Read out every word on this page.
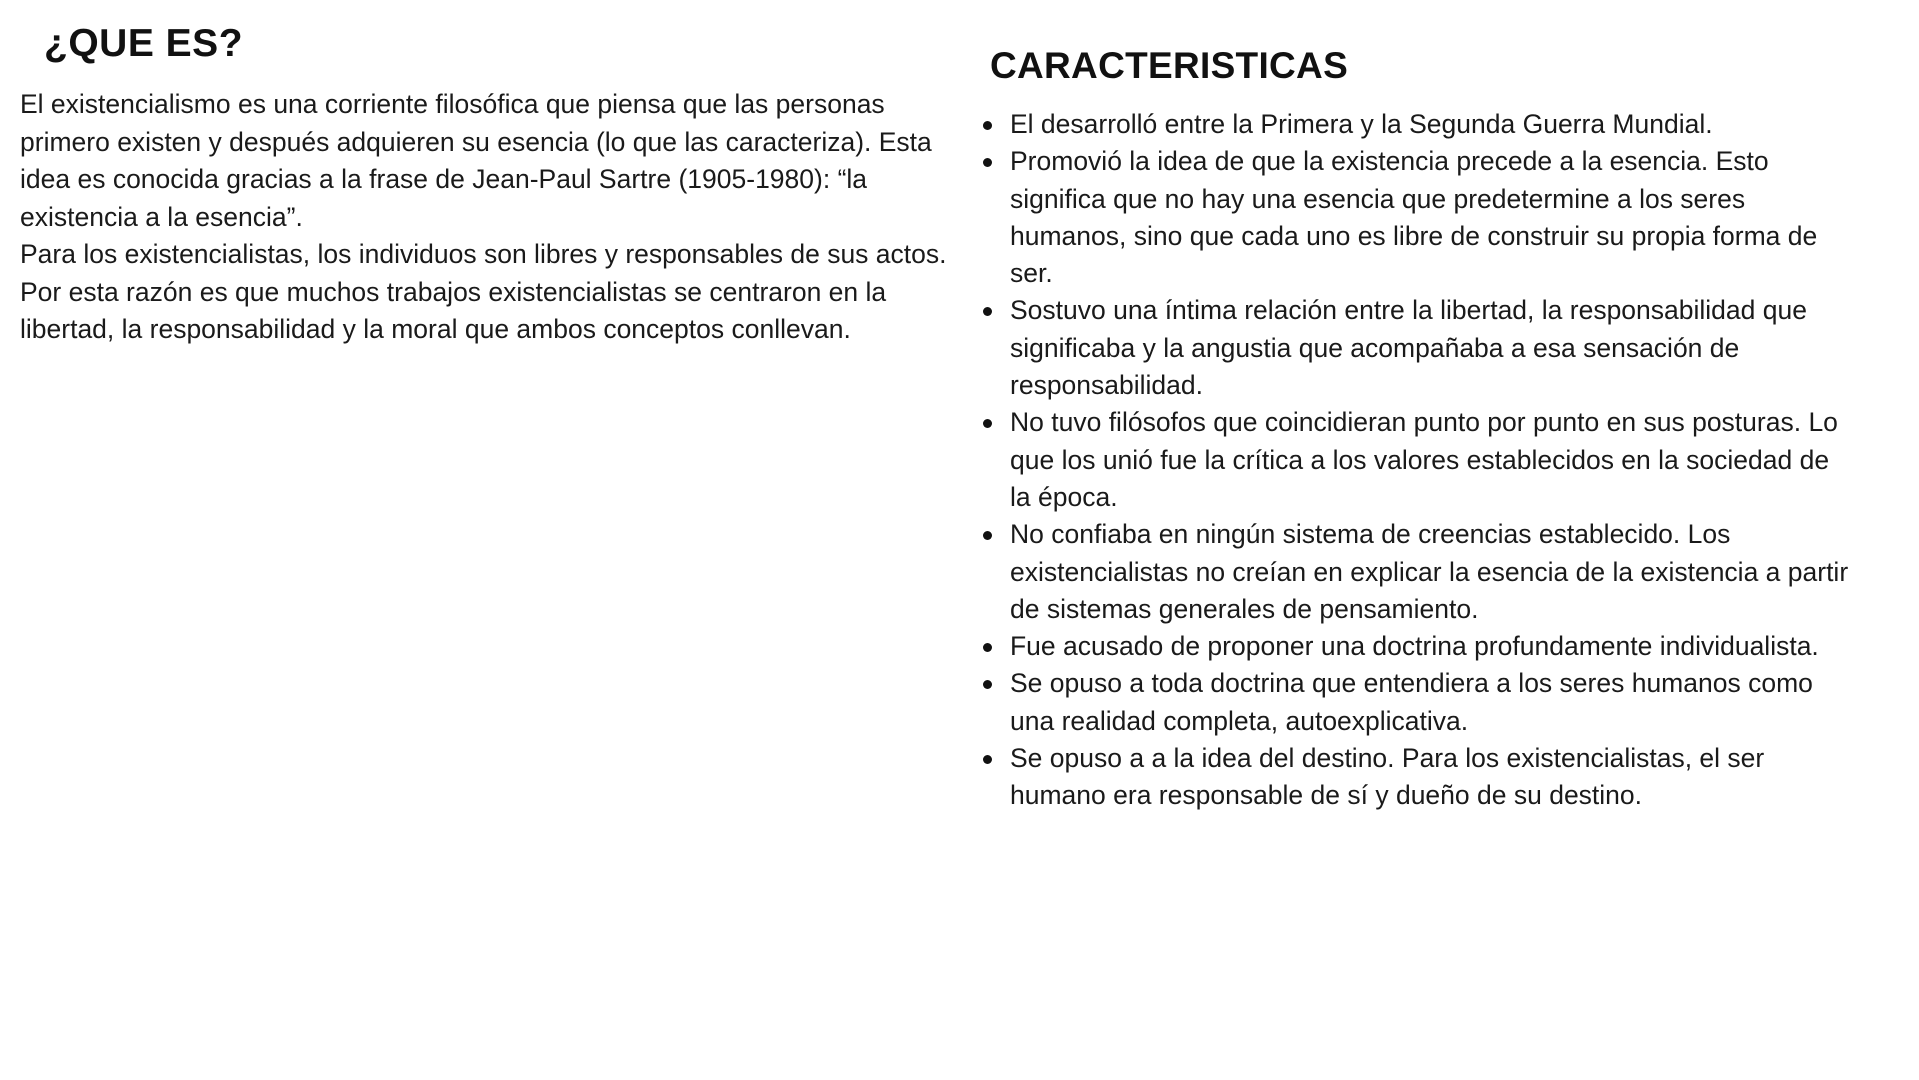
¿QUE ES?

El existencialismo es una corriente filosófica que piensa que las personas primero existen y después adquieren su esencia (lo que las caracteriza). Esta idea es conocida gracias a la frase de Jean-Paul Sartre (1905-1980): “la existencia a la esencia”.

Para los existencialistas, los individuos son libres y responsables de sus actos. Por esta razón es que muchos trabajos existencialistas se centraron en la libertad, la responsabilidad y la moral que ambos conceptos conllevan.

CARACTERISTICAS
El desarrolló entre la Primera y la Segunda Guerra Mundial.
Promovió la idea de que la existencia precede a la esencia. Esto significa que no hay una esencia que predetermine a los seres humanos, sino que cada uno es libre de construir su propia forma de ser.
Sostuvo una íntima relación entre la libertad, la responsabilidad que significaba y la angustia que acompañaba a esa sensación de responsabilidad.
No tuvo filósofos que coincidieran punto por punto en sus posturas. Lo que los unió fue la crítica a los valores establecidos en la sociedad de la época.
No confiaba en ningún sistema de creencias establecido. Los existencialistas no creían en explicar la esencia de la existencia a partir de sistemas generales de pensamiento.
Fue acusado de proponer una doctrina profundamente individualista.
Se opuso a toda doctrina que entendiera a los seres humanos como una realidad completa, autoexplicativa.
Se opuso a a la idea del destino. Para los existencialistas, el ser humano era responsable de sí y dueño de su destino.
